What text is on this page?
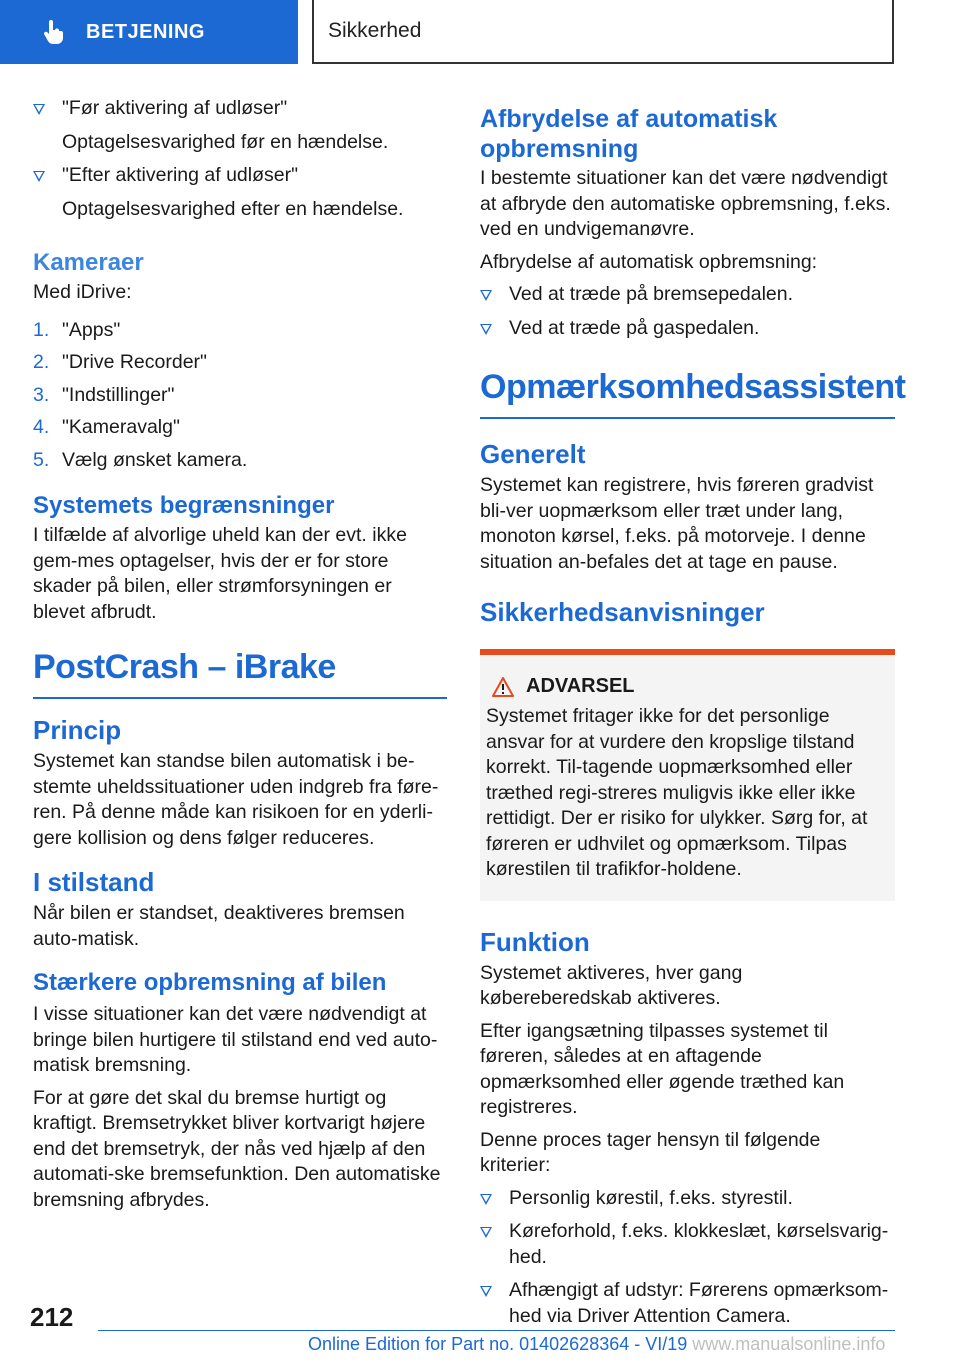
BETJENING	Sikkerhed
"Før aktivering af udløser"
Optagelsesvarighed før en hændelse.
"Efter aktivering af udløser"
Optagelsesvarighed efter en hændelse.
Kameraer
Med iDrive:
1. "Apps"
2. "Drive Recorder"
3. "Indstillinger"
4. "Kameravalg"
5. Vælg ønsket kamera.
Systemets begrænsninger
I tilfælde af alvorlige uheld kan der evt. ikke gem-mes optagelser, hvis der er for store skader på bilen, eller strømforsyningen er blevet afbrudt.
PostCrash – iBrake
Princip
Systemet kan standse bilen automatisk i be-stemte uheldssituationer uden indgreb fra føre-ren. På denne måde kan risikoen for en yderli-gere kollision og dens følger reduceres.
I stilstand
Når bilen er standset, deaktiveres bremsen auto-matisk.
Stærkere opbremsning af bilen
I visse situationer kan det være nødvendigt at bringe bilen hurtigere til stilstand end ved auto-matisk bremsning.
For at gøre det skal du bremse hurtigt og kraftigt. Bremsetrykket bliver kortvarigt højere end det bremsetryk, der nås ved hjælp af den automati-ske bremsefunktion. Den automatiske bremsning afbrydes.
Afbrydelse af automatisk opbremsning
I bestemte situationer kan det være nødvendigt at afbryde den automatiske opbremsning, f.eks. ved en undvigemanøvre.
Afbrydelse af automatisk opbremsning:
Ved at træde på bremsepedalen.
Ved at træde på gaspedalen.
Opmærksomhedsassistent
Generelt
Systemet kan registrere, hvis føreren gradvist bli-ver uopmærksom eller træt under lang, monoton kørsel, f.eks. på motorveje. I denne situation an-befales det at tage en pause.
Sikkerhedsanvisninger
ADVARSEL
Systemet fritager ikke for det personlige ansvar for at vurdere den kropslige tilstand korrekt. Til-tagende uopmærksomhed eller træthed regi-streres muligvis ikke eller ikke rettidigt. Der er risiko for ulykker. Sørg for, at føreren er udhvilet og opmærksom. Tilpas kørestilen til trafikfor-holdene.
Funktion
Systemet aktiveres, hver gang købereberedskab aktiveres.
Efter igangsætning tilpasses systemet til føreren, således at en aftagende opmærksomhed eller øgende træthed kan registreres.
Denne proces tager hensyn til følgende kriterier:
Personlig kørestil, f.eks. styrestil.
Køreforhold, f.eks. klokkeslæt, kørselsvarig-hed.
Afhængigt af udstyr: Førerens opmærksom-hed via Driver Attention Camera.
212
Online Edition for Part no. 01402628364 - VI/19 www.manualsonline.info
